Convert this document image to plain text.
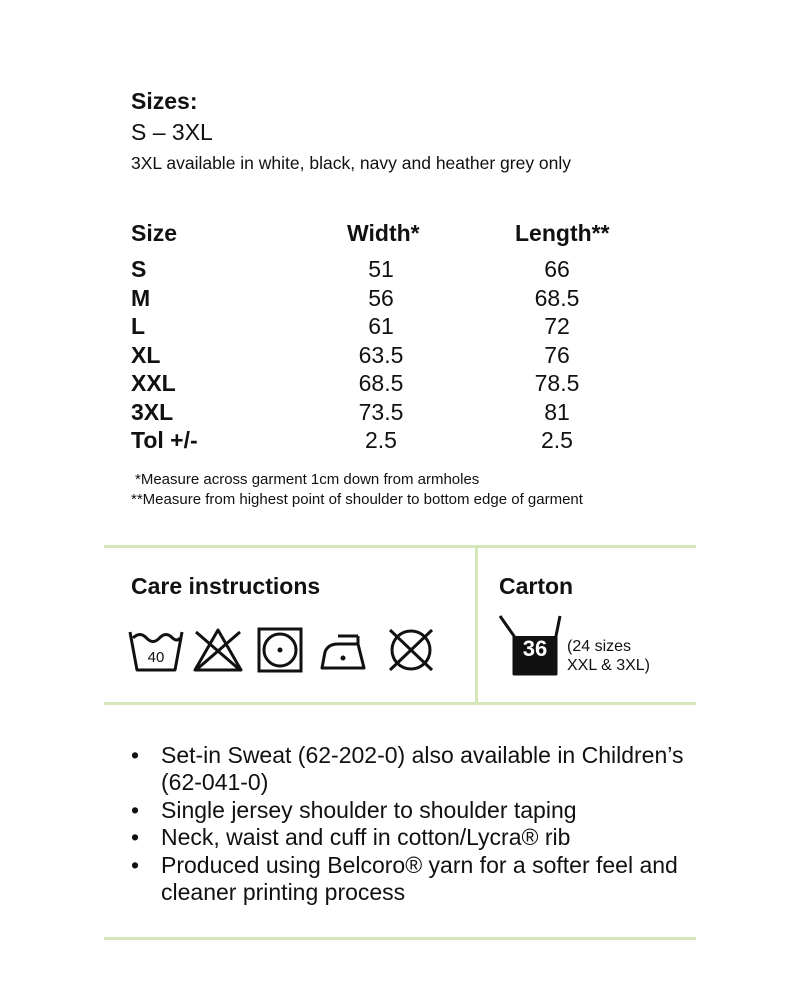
Sizes:
S – 3XL
3XL available in white, black, navy and heather grey only
Size	Width*	Length**
S	51	66
M	56	68.5
L	61	72
XL	63.5	76
XXL	68.5	78.5
3XL	73.5	81
Tol +/-	2.5	2.5
*Measure across garment 1cm down from armholes
**Measure from highest point of shoulder to bottom edge of garment
Care instructions
40
Carton
36	(24 sizes
XXL & 3XL)
• Set-in Sweat (62-202-0) also available in Children’s (62-041-0)
• Single jersey shoulder to shoulder taping
• Neck, waist and cuff in cotton/Lycra® rib
• Produced using Belcoro® yarn for a softer feel and cleaner printing process
